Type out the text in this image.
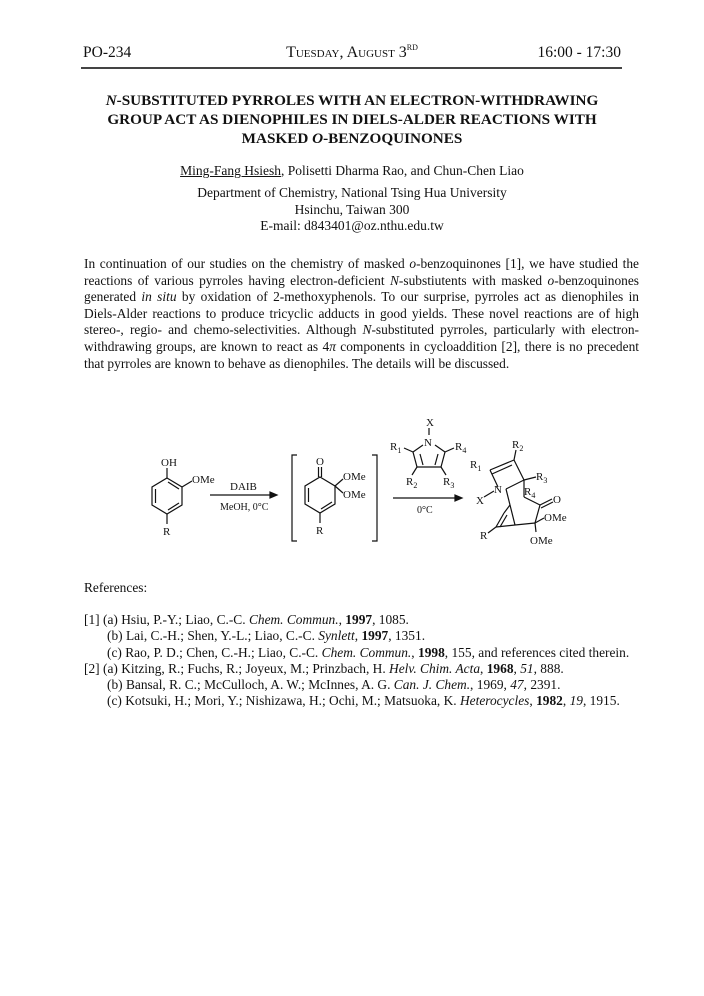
PO-234	Tuesday, August 3RD	16:00 - 17:30
N-SUBSTITUTED PYRROLES WITH AN ELECTRON-WITHDRAWING
GROUP ACT AS DIENOPHILES IN DIELS-ALDER REACTIONS WITH
MASKED O-BENZOQUINONES
Ming-Fang Hsiesh, Polisetti Dharma Rao, and Chun-Chen Liao
Department of Chemistry, National Tsing Hua University
Hsinchu, Taiwan 300
E-mail: d843401@oz.nthu.edu.tw
In continuation of our studies on the chemistry of masked o-benzoquinones [1], we have studied the reactions of various pyrroles having electron-deficient N-substiutents with masked o-benzoquinones generated in situ by oxidation of 2-methoxyphenols. To our surprise, pyrroles act as dienophiles in Diels-Alder reactions to produce tricyclic adducts in good yields. These novel reactions are of high stereo-, regio- and chemo-selectivities. Although N-substituted pyrroles, particularly with electron-withdrawing groups, are known to react as 4π components in cycloaddition [2], there is no precedent that pyrroles are known to behave as dienophiles. The details will be discussed.
OH
OMe
R
DAIB
MeOH, 0°C
O
OMe
OMe
R
X
N
$R_1$	$R_4$
$R_2$ $R_3$
0°C
$R_1$
$R_2$
$R_3$
$R_4$
N
X	O
OMe
OMe
R
References:
[1] (a) Hsiu, P.-Y.; Liao, C.-C. Chem. Commun., 1997, 1085.
(b) Lai, C.-H.; Shen, Y.-L.; Liao, C.-C. Synlett, 1997, 1351.
(c) Rao, P. D.; Chen, C.-H.; Liao, C.-C. Chem. Commun., 1998, 155, and references cited therein.
[2] (a) Kitzing, R.; Fuchs, R.; Joyeux, M.; Prinzbach, H. Helv. Chim. Acta, 1968, 51, 888.
(b) Bansal, R. C.; McCulloch, A. W.; McInnes, A. G. Can. J. Chem., 1969, 47, 2391.
(c) Kotsuki, H.; Mori, Y.; Nishizawa, H.; Ochi, M.; Matsuoka, K. Heterocycles, 1982, 19, 1915.
